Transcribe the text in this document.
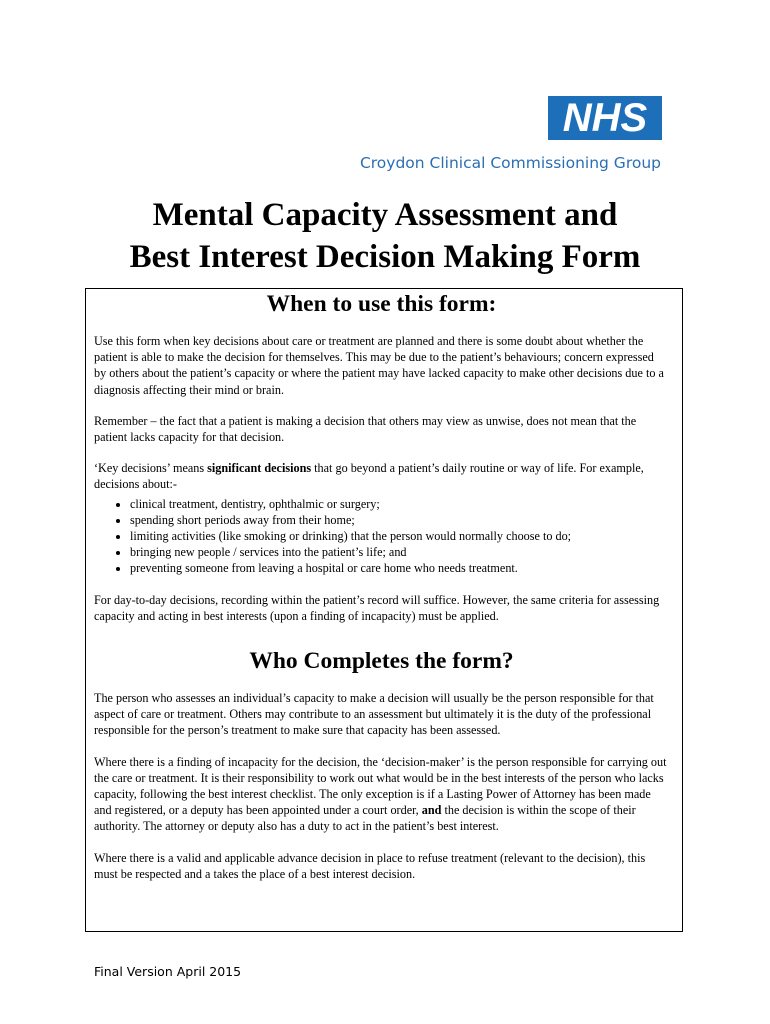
NHS
Croydon Clinical Commissioning Group
Mental Capacity Assessment and
Best Interest Decision Making Form
When to use this form:

Use this form when key decisions about care or treatment are planned and there is some doubt about whether the patient is able to make the decision for themselves. This may be due to the patient’s behaviours; concern expressed by others about the patient’s capacity or where the patient may have lacked capacity to make other decisions due to a diagnosis affecting their mind or brain.

Remember – the fact that a patient is making a decision that others may view as unwise, does not mean that the patient lacks capacity for that decision.

‘Key decisions’ means significant decisions that go beyond a patient’s daily routine or way of life. For example, decisions about:-

• clinical treatment, dentistry, ophthalmic or surgery;
• spending short periods away from their home;
• limiting activities (like smoking or drinking) that the person would normally choose to do;
• bringing new people / services into the patient’s life; and
• preventing someone from leaving a hospital or care home who needs treatment.

For day-to-day decisions, recording within the patient’s record will suffice. However, the same criteria for assessing capacity and acting in best interests (upon a finding of incapacity) must be applied.

Who Completes the form?

The person who assesses an individual’s capacity to make a decision will usually be the person responsible for that aspect of care or treatment. Others may contribute to an assessment but ultimately it is the duty of the professional responsible for the person’s treatment to make sure that capacity has been assessed.

Where there is a finding of incapacity for the decision, the ‘decision-maker’ is the person responsible for carrying out the care or treatment. It is their responsibility to work out what would be in the best interests of the person who lacks capacity, following the best interest checklist. The only exception is if a Lasting Power of Attorney has been made and registered, or a deputy has been appointed under a court order, and the decision is within the scope of their authority. The attorney or deputy also has a duty to act in the patient’s best interest.

Where there is a valid and applicable advance decision in place to refuse treatment (relevant to the decision), this must be respected and a takes the place of a best interest decision.

Final Version April 2015
